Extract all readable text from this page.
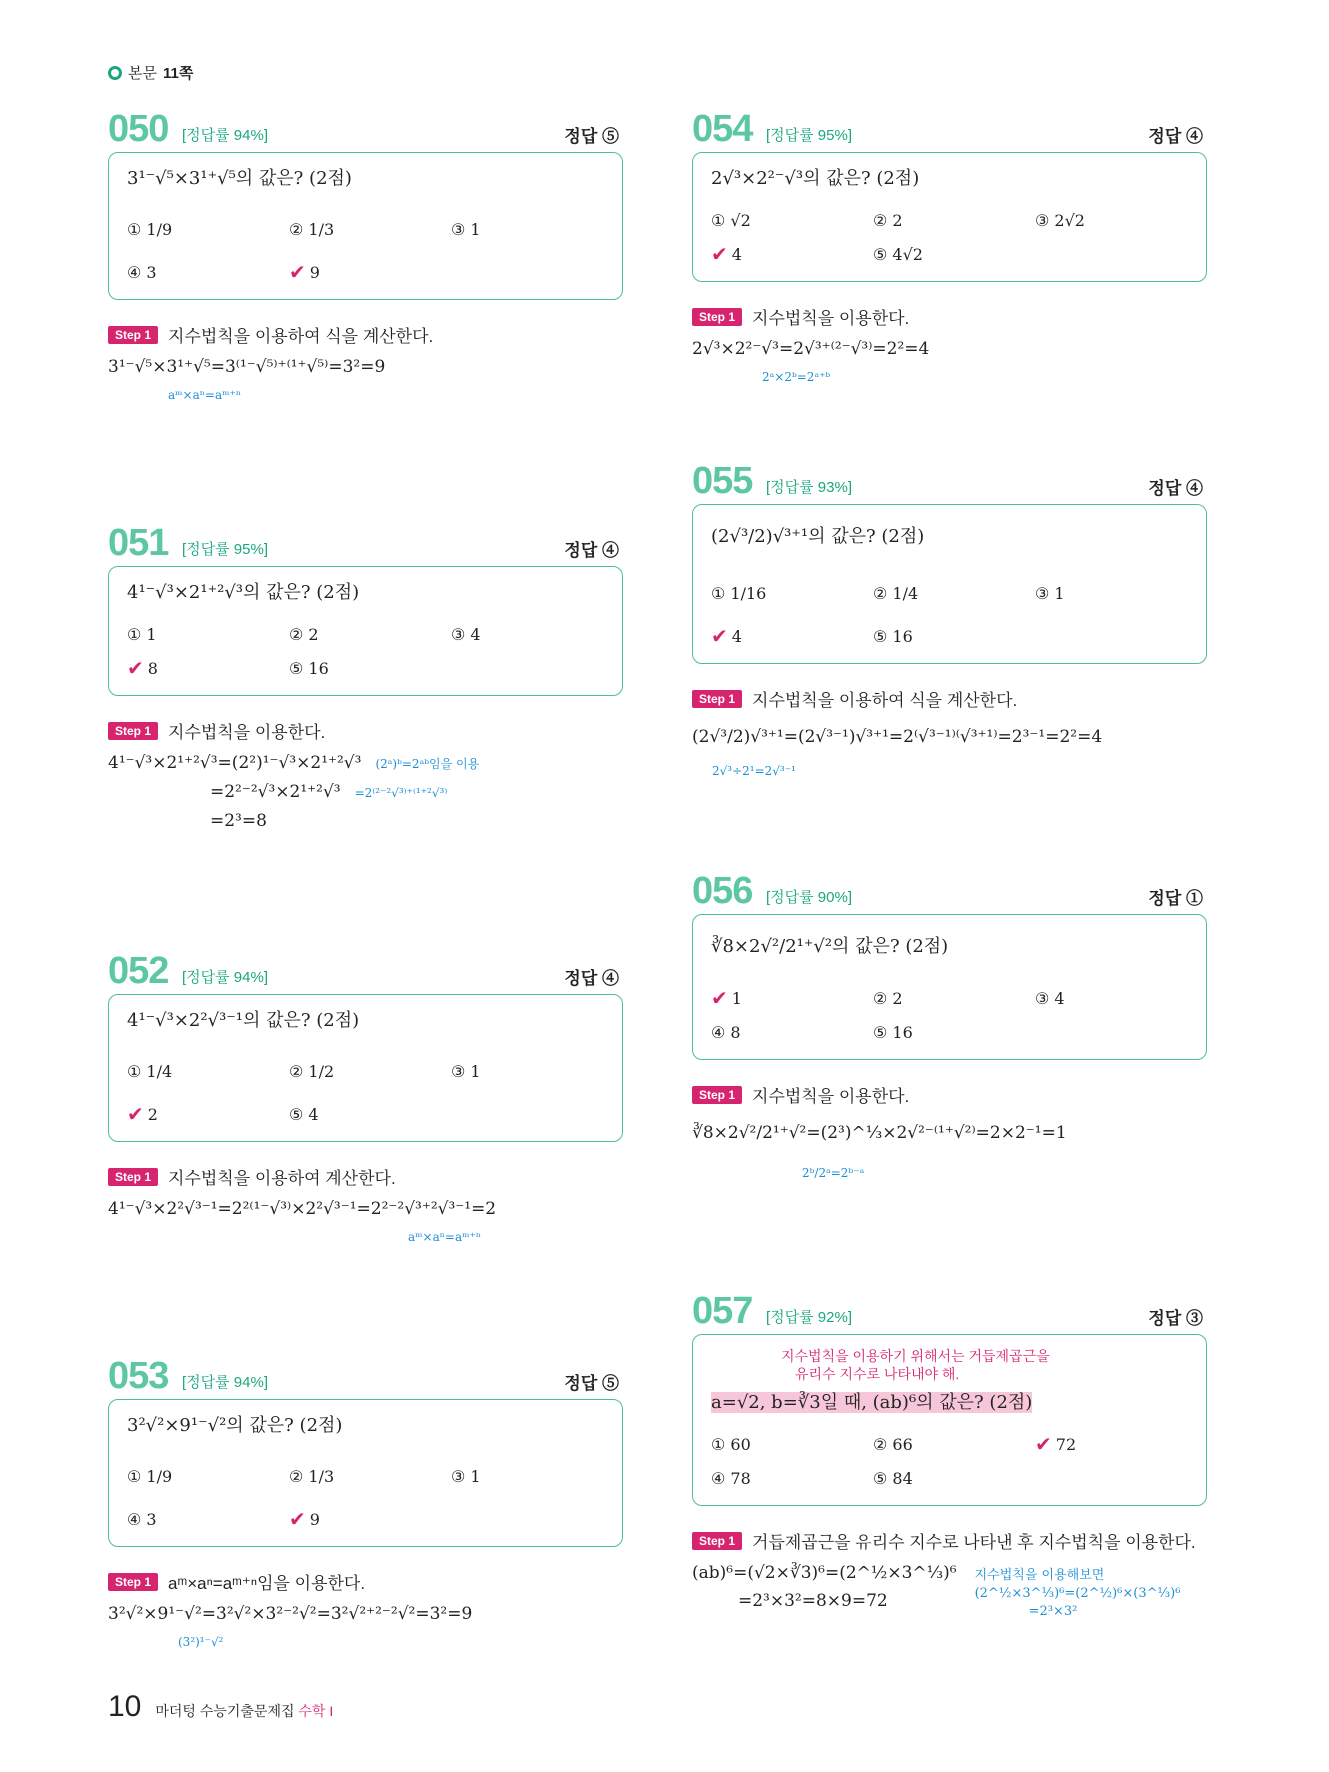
본문 11쪽
050 [정답률 94%]	정답 ⑤
3¹⁻√⁵×3¹⁺√⁵의 값은? (2점)
① 1/9	② 1/3	③ 1
④ 3	✔ 9
Step 1	지수법칙을 이용하여 식을 계산한다.
3¹⁻√⁵×3¹⁺√⁵=3⁽¹⁻√⁵⁾⁺⁽¹⁺√⁵⁾=3²=9
aᵐ×aⁿ=aᵐ⁺ⁿ
051 [정답률 95%]	정답 ④
4¹⁻√³×2¹⁺²√³의 값은? (2점)
① 1	② 2	③ 4
✔ 8	⑤ 16
Step 1	지수법칙을 이용한다.
4¹⁻√³×2¹⁺²√³=(2²)¹⁻√³×2¹⁺²√³ (2ᵃ)ᵇ=2ᵃᵇ임을 이용
=2²⁻²√³×2¹⁺²√³ =2⁽²⁻²√³⁾⁺⁽¹⁺²√³⁾
=2³=8
052 [정답률 94%]	정답 ④
4¹⁻√³×2²√³⁻¹의 값은? (2점)
① 1/4	② 1/2	③ 1
✔ 2	⑤ 4
Step 1	지수법칙을 이용하여 계산한다.
4¹⁻√³×2²√³⁻¹=2²⁽¹⁻√³⁾×2²√³⁻¹=2²⁻²√³⁺²√³⁻¹=2
aᵐ×aⁿ=aᵐ⁺ⁿ
053 [정답률 94%]	정답 ⑤
3²√²×9¹⁻√²의 값은? (2점)
① 1/9	② 1/3	③ 1
④ 3	✔ 9
Step 1	aᵐ×aⁿ=aᵐ⁺ⁿ임을 이용한다.
3²√²×9¹⁻√²=3²√²×3²⁻²√²=3²√²⁺²⁻²√²=3²=9
(3²)¹⁻√²
054 [정답률 95%]	정답 ④
2√³×2²⁻√³의 값은? (2점)
① √2	② 2	③ 2√2
✔ 4	⑤ 4√2
Step 1	지수법칙을 이용한다.
2√³×2²⁻√³=2√³⁺⁽²⁻√³⁾=2²=4
2ᵃ×2ᵇ=2ᵃ⁺ᵇ
055 [정답률 93%]	정답 ④
(2√³/2)√³⁺¹의 값은? (2점)
① 1/16	② 1/4	③ 1
✔ 4	⑤ 16
Step 1	지수법칙을 이용하여 식을 계산한다.
(2√³/2)√³⁺¹=(2√³⁻¹)√³⁺¹=2⁽√³⁻¹⁾⁽√³⁺¹⁾=2³⁻¹=2²=4
2√³÷2¹=2√³⁻¹
056 [정답률 90%]	정답 ①
∛8×2√²/2¹⁺√²의 값은? (2점)
✔ 1	② 2	③ 4
④ 8	⑤ 16
Step 1	지수법칙을 이용한다.
∛8×2√²/2¹⁺√²=(2³)^⅓×2√²⁻⁽¹⁺√²⁾=2×2⁻¹=1
2ᵇ/2ᵃ=2ᵇ⁻ᵃ
057 [정답률 92%]	정답 ③
지수법칙을 이용하기 위해서는 거듭제곱근을
유리수 지수로 나타내야 해.
a=√2, b=∛3일 때, (ab)⁶의 값은? (2점)
① 60	② 66	✔ 72
④ 78	⑤ 84
Step 1	거듭제곱근을 유리수 지수로 나타낸 후 지수법칙을 이용한다.
(ab)⁶=(√2×∛3)⁶=(2^½×3^⅓)⁶
=2³×3²=8×9=72
지수법칙을 이용해보면
(2^½×3^⅓)⁶=(2^½)⁶×(3^⅓)⁶
=2³×3²
10 마더텅 수능기출문제집 수학 I
